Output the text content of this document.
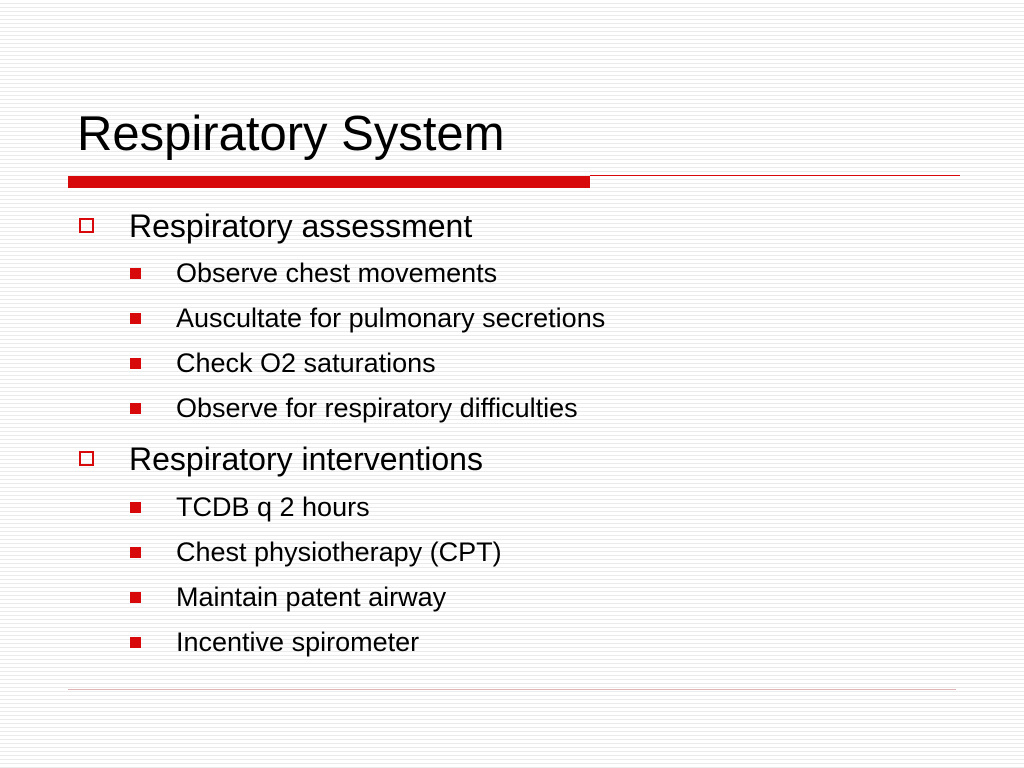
Respiratory System
Respiratory assessment
Observe chest movements
Auscultate for pulmonary secretions
Check O2 saturations
Observe for respiratory difficulties
Respiratory interventions
TCDB q 2 hours
Chest physiotherapy (CPT)
Maintain patent airway
Incentive spirometer
